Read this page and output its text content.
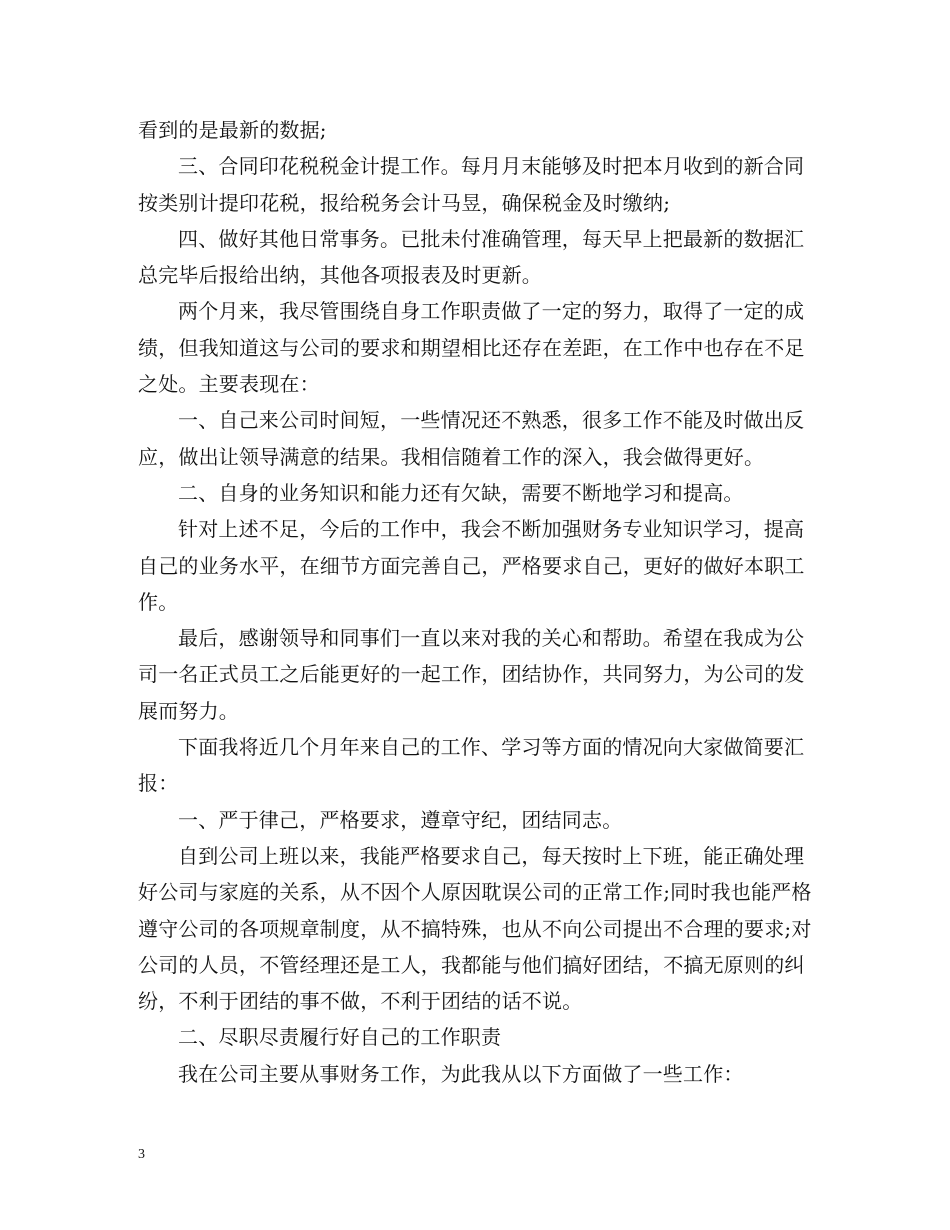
看到的是最新的数据;

三、合同印花税税金计提工作。每月月末能够及时把本月收到的新合同按类别计提印花税，报给税务会计马昱，确保税金及时缴纳;

四、做好其他日常事务。已批未付准确管理，每天早上把最新的数据汇总完毕后报给出纳，其他各项报表及时更新。

两个月来，我尽管围绕自身工作职责做了一定的努力，取得了一定的成绩，但我知道这与公司的要求和期望相比还存在差距，在工作中也存在不足之处。主要表现在：

一、自己来公司时间短，一些情况还不熟悉，很多工作不能及时做出反应，做出让领导满意的结果。我相信随着工作的深入，我会做得更好。

二、自身的业务知识和能力还有欠缺，需要不断地学习和提高。

针对上述不足，今后的工作中，我会不断加强财务专业知识学习，提高自己的业务水平，在细节方面完善自己，严格要求自己，更好的做好本职工作。

最后，感谢领导和同事们一直以来对我的关心和帮助。希望在我成为公司一名正式员工之后能更好的一起工作，团结协作，共同努力，为公司的发展而努力。

下面我将近几个月年来自己的工作、学习等方面的情况向大家做简要汇报：

一、严于律己，严格要求，遵章守纪，团结同志。

自到公司上班以来，我能严格要求自己，每天按时上下班，能正确处理好公司与家庭的关系，从不因个人原因耽误公司的正常工作;同时我也能严格遵守公司的各项规章制度，从不搞特殊，也从不向公司提出不合理的要求;对公司的人员，不管经理还是工人，我都能与他们搞好团结，不搞无原则的纠纷，不利于团结的事不做，不利于团结的话不说。

二、尽职尽责履行好自己的工作职责

我在公司主要从事财务工作，为此我从以下方面做了一些工作：

3
